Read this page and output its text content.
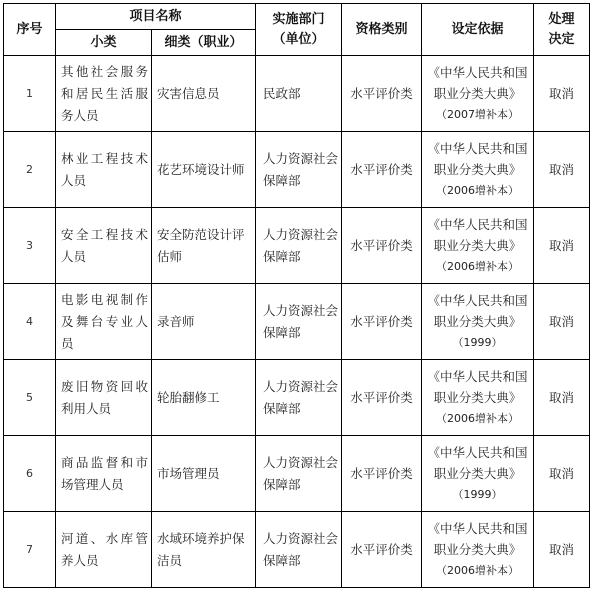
序号	项目名称		实施部门
（单位）	资格类别	设定依据	处理
决定

	小类	细类（职业）				
1	其他社会服务和居民生活服务人员	灾害信息员	民政部	水平评价类	《中华人民共和国
职业分类大典》
（2007增补本）	取消
2	林业工程技术人员	花艺环境设计师	人力资源社会保障部	水平评价类	《中华人民共和国
职业分类大典》
（2006增补本）	取消
3	安全工程技术人员	安全防范设计评估师	人力资源社会保障部	水平评价类	《中华人民共和国
职业分类大典》
（2006增补本）	取消
4	电影电视制作及舞台专业人员	录音师	人力资源社会保障部	水平评价类	《中华人民共和国
职业分类大典》
（1999）	取消
5	废旧物资回收利用人员	轮胎翻修工	人力资源社会保障部	水平评价类	《中华人民共和国
职业分类大典》
（2006增补本）	取消
6	商品监督和市场管理人员	市场管理员	人力资源社会保障部	水平评价类	《中华人民共和国
职业分类大典》
（1999）	取消
7	河道、水库管养人员	水域环境养护保洁员	人力资源社会保障部	水平评价类	《中华人民共和国
职业分类大典》
（2006增补本）	取消
